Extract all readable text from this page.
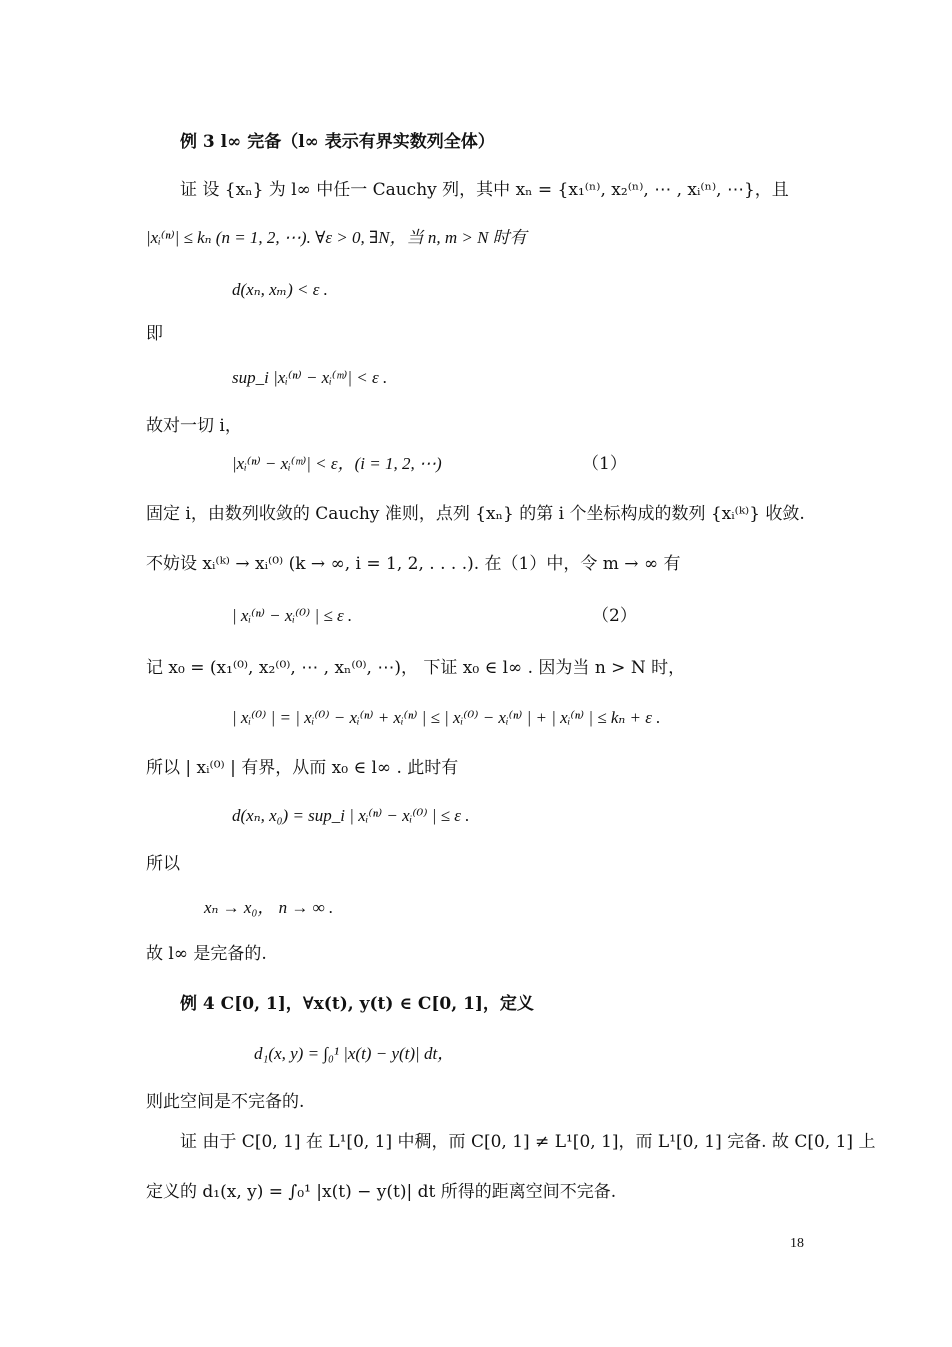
例 3 l∞ 完备（l∞ 表示有界实数列全体）
证 设 {xₙ} 为 l∞ 中任一 Cauchy 列，其中 xₙ = {x₁⁽ⁿ⁾, x₂⁽ⁿ⁾, ⋯ , xᵢ⁽ⁿ⁾, ⋯}，且
|xᵢ⁽ⁿ⁾| ≤ kₙ (n = 1, 2, ⋯). ∀ε > 0, ∃N，当 n, m > N 时有
d(xₙ, xₘ) < ε .
即
sup_i |xᵢ⁽ⁿ⁾ − xᵢ⁽ᵐ⁾| < ε .
故对一切 i，
|xᵢ⁽ⁿ⁾ − xᵢ⁽ᵐ⁾| < ε，(i = 1, 2, ⋯)	（1）
固定 i，由数列收敛的 Cauchy 准则，点列 {xₙ} 的第 i 个坐标构成的数列 {xᵢ⁽ᵏ⁾} 收敛.
不妨设 xᵢ⁽ᵏ⁾ → xᵢ⁽⁰⁾ (k → ∞, i = 1, 2, . . . .). 在（1）中，令 m → ∞ 有
| xᵢ⁽ⁿ⁾ − xᵢ⁽⁰⁾ | ≤ ε .	（2）
记 x₀ = (x₁⁽⁰⁾, x₂⁽⁰⁾, ⋯ , xₙ⁽⁰⁾, ⋯)， 下证 x₀ ∈ l∞ . 因为当 n > N 时，
| xᵢ⁽⁰⁾ | = | xᵢ⁽⁰⁾ − xᵢ⁽ⁿ⁾ + xᵢ⁽ⁿ⁾ | ≤ | xᵢ⁽⁰⁾ − xᵢ⁽ⁿ⁾ | + | xᵢ⁽ⁿ⁾ | ≤ kₙ + ε .
所以 | xᵢ⁽⁰⁾ | 有界，从而 x₀ ∈ l∞ . 此时有
d(xₙ, x₀) = sup_i | xᵢ⁽ⁿ⁾ − xᵢ⁽⁰⁾ | ≤ ε .
所以
xₙ → x₀， n → ∞ .
故 l∞ 是完备的.
例 4 C[0, 1]，∀x(t), y(t) ∈ C[0, 1]，定义
d₁(x, y) = ∫₀¹ |x(t) − y(t)| dt，
则此空间是不完备的.
证 由于 C[0, 1] 在 L¹[0, 1] 中稠，而 C[0, 1] ≠ L¹[0, 1]，而 L¹[0, 1] 完备. 故 C[0, 1] 上
定义的 d₁(x, y) = ∫₀¹ |x(t) − y(t)| dt 所得的距离空间不完备.
18
